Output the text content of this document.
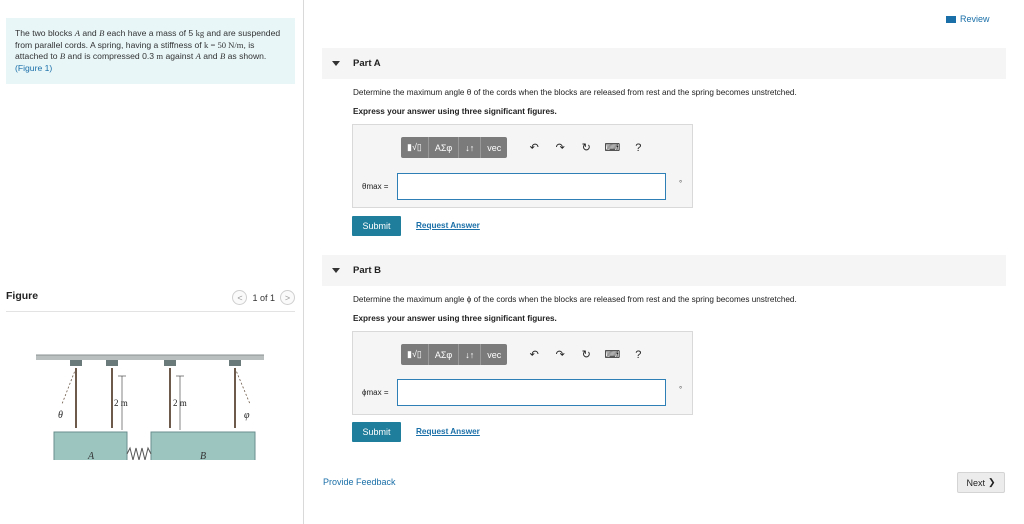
The two blocks A and B each have a mass of 5 kg and are suspended from parallel cords. A spring, having a stiffness of k = 50 N/m, is attached to B and is compressed 0.3 m against A and B as shown. (Figure 1)
Figure	< 1 of 1 >
2 m	2 m
θ	φ
A	B
Review
Part A
Determine the maximum angle θ of the cords when the blocks are released from rest and the spring becomes unstretched.
Express your answer using three significant figures.
▮√▯	ΑΣφ	↓↑	vec	↶	↷	↻	⌨	?
θmax =	°
Submit	Request Answer
Part B
Determine the maximum angle ϕ of the cords when the blocks are released from rest and the spring becomes unstretched.
Express your answer using three significant figures.
▮√▯	ΑΣφ	↓↑	vec	↶	↷	↻	⌨	?
ϕmax =	°
Submit	Request Answer
Provide Feedback	Next ❯
